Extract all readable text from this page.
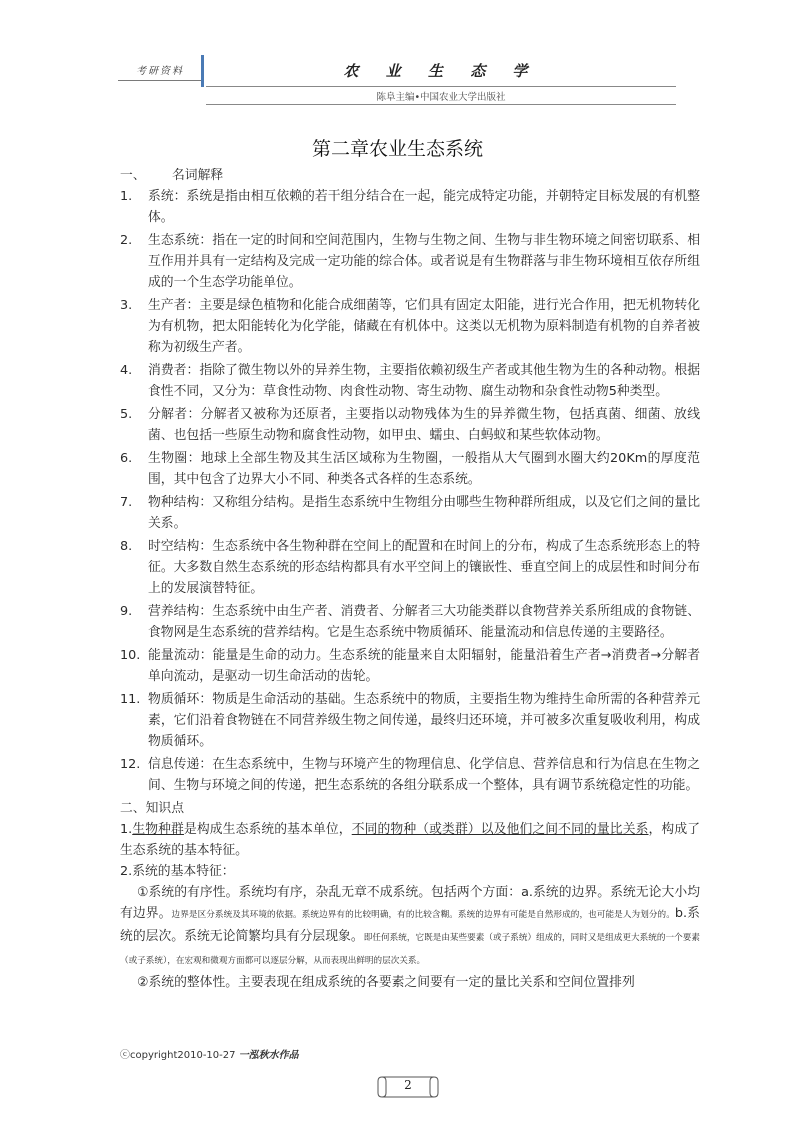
考研资料	农 业 生 态 学
陈阜主编•中国农业大学出版社
第二章农业生态系统

一、 名词解释

1.	系统：系统是指由相互依赖的若干组分结合在一起，能完成特定功能，并朝特定目标发展的有机整体。
2.	生态系统：指在一定的时间和空间范围内，生物与生物之间、生物与非生物环境之间密切联系、相互作用并具有一定结构及完成一定功能的综合体。或者说是有生物群落与非生物环境相互依存所组成的一个生态学功能单位。
3.	生产者：主要是绿色植物和化能合成细菌等，它们具有固定太阳能，进行光合作用，把无机物转化为有机物，把太阳能转化为化学能，储藏在有机体中。这类以无机物为原料制造有机物的自养者被称为初级生产者。
4.	消费者：指除了微生物以外的异养生物，主要指依赖初级生产者或其他生物为生的各种动物。根据食性不同，又分为：草食性动物、肉食性动物、寄生动物、腐生动物和杂食性动物5种类型。
5.	分解者：分解者又被称为还原者，主要指以动物残体为生的异养微生物，包括真菌、细菌、放线菌、也包括一些原生动物和腐食性动物，如甲虫、蠕虫、白蚂蚁和某些软体动物。
6.	生物圈：地球上全部生物及其生活区域称为生物圈，一般指从大气圈到水圈大约20Km的厚度范围，其中包含了边界大小不同、种类各式各样的生态系统。
7.	物种结构：又称组分结构。是指生态系统中生物组分由哪些生物种群所组成，以及它们之间的量比关系。
8.	时空结构：生态系统中各生物种群在空间上的配置和在时间上的分布，构成了生态系统形态上的特征。大多数自然生态系统的形态结构都具有水平空间上的镶嵌性、垂直空间上的成层性和时间分布上的发展演替特征。
9.	营养结构：生态系统中由生产者、消费者、分解者三大功能类群以食物营养关系所组成的食物链、食物网是生态系统的营养结构。它是生态系统中物质循环、能量流动和信息传递的主要路径。
10. 能量流动：能量是生命的动力。生态系统的能量来自太阳辐射，能量沿着生产者→消费者→分解者单向流动，是驱动一切生命活动的齿轮。
11. 物质循环：物质是生命活动的基础。生态系统中的物质，主要指生物为维持生命所需的各种营养元素，它们沿着食物链在不同营养级生物之间传递，最终归还环境，并可被多次重复吸收利用，构成物质循环。
12. 信息传递：在生态系统中，生物与环境产生的物理信息、化学信息、营养信息和行为信息在生物之间、生物与环境之间的传递，把生态系统的各组分联系成一个整体，具有调节系统稳定性的功能。

二、知识点

1.生物种群是构成生态系统的基本单位，不同的物种（或类群）以及他们之间不同的量比关系，构成了生态系统的基本特征。

2.系统的基本特征：

①系统的有序性。系统均有序，杂乱无章不成系统。包括两个方面：a.系统的边界。系统无论大小均有边界。边界是区分系统及其环境的依据。系统边界有的比较明确，有的比较含糊。系统的边界有可能是自然形成的，也可能是人为划分的。b.系统的层次。系统无论简繁均具有分层现象。即任何系统，它既是由某些要素（或子系统）组成的，同时又是组成更大系统的一个要素（或子系统），在宏观和微观方面都可以逐层分解，从而表现出鲜明的层次关系。

②系统的整体性。主要表现在组成系统的各要素之间要有一定的量比关系和空间位置排列

ⓒcopyright2010-10-27 一泓秋水作品
2
